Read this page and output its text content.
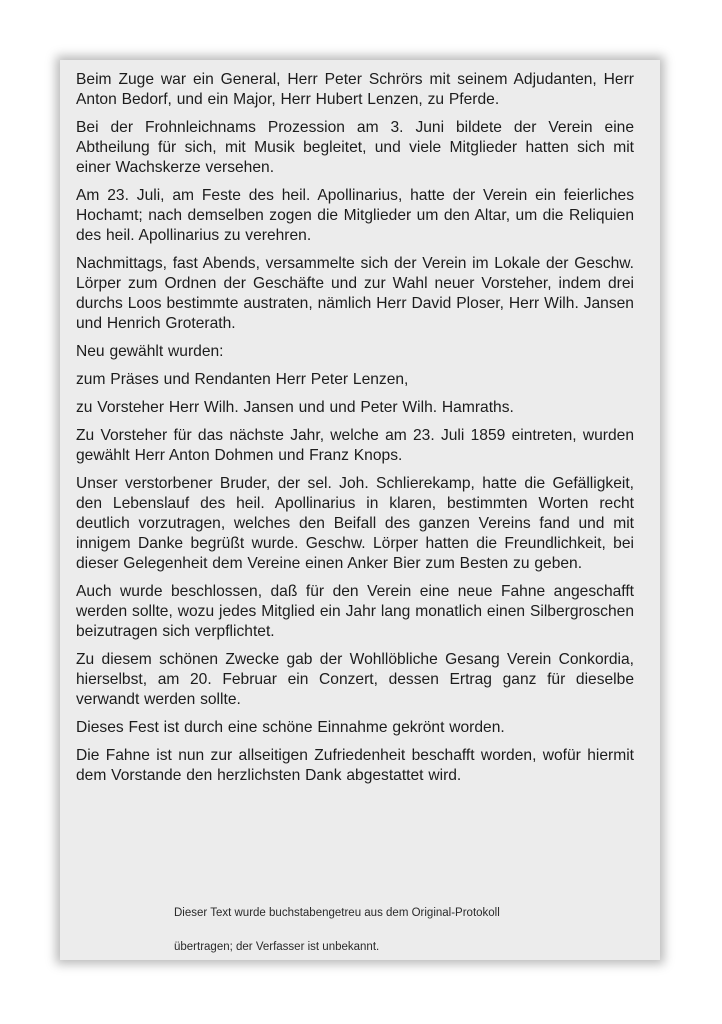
Beim Zuge war ein General, Herr Peter Schrörs mit seinem Adjudanten, Herr Anton Bedorf, und ein Major, Herr Hubert Lenzen, zu Pferde.

Bei der Frohnleichnams Prozession am 3. Juni bildete der Verein eine Abtheilung für sich, mit Musik begleitet, und viele Mitglieder hatten sich mit einer Wachskerze versehen.

Am 23. Juli, am Feste des heil. Apollinarius, hatte der Verein ein feierliches Hochamt; nach demselben zogen die Mitglieder um den Altar, um die Reliquien des heil. Apollinarius zu verehren.

Nachmittags, fast Abends, versammelte sich der Verein im Lokale der Geschw. Lörper zum Ordnen der Geschäfte und zur Wahl neuer Vorsteher, indem drei durchs Loos bestimmte austraten, nämlich Herr David Ploser, Herr Wilh. Jansen und Henrich Groterath.

Neu gewählt wurden:

zum Präses und Rendanten Herr Peter Lenzen,

zu Vorsteher Herr Wilh. Jansen und und Peter Wilh. Hamraths.

Zu Vorsteher für das nächste Jahr, welche am 23. Juli 1859 eintreten, wurden gewählt Herr Anton Dohmen und Franz Knops.

Unser verstorbener Bruder, der sel. Joh. Schlierekamp, hatte die Gefälligkeit, den Lebenslauf des heil. Apollinarius in klaren, bestimmten Worten recht deutlich vorzutragen, welches den Beifall des ganzen Vereins fand und mit innigem Danke begrüßt wurde. Geschw. Lörper hatten die Freundlichkeit, bei dieser Gelegenheit dem Vereine einen Anker Bier zum Besten zu geben.

Auch wurde beschlossen, daß für den Verein eine neue Fahne angeschafft werden sollte, wozu jedes Mitglied ein Jahr lang monatlich einen Silbergroschen beizutragen sich verpflichtet.

Zu diesem schönen Zwecke gab der Wohllöbliche Gesang Verein Conkordia, hierselbst, am 20. Februar ein Conzert, dessen Ertrag ganz für dieselbe verwandt werden sollte.

Dieses Fest ist durch eine schöne Einnahme gekrönt worden.

Die Fahne ist nun zur allseitigen Zufriedenheit beschafft worden, wofür hiermit dem Vorstande den herzlichsten Dank abgestattet wird.

Dieser Text wurde buchstabengetreu aus dem Original-Protokoll

übertragen; der Verfasser ist unbekannt.
